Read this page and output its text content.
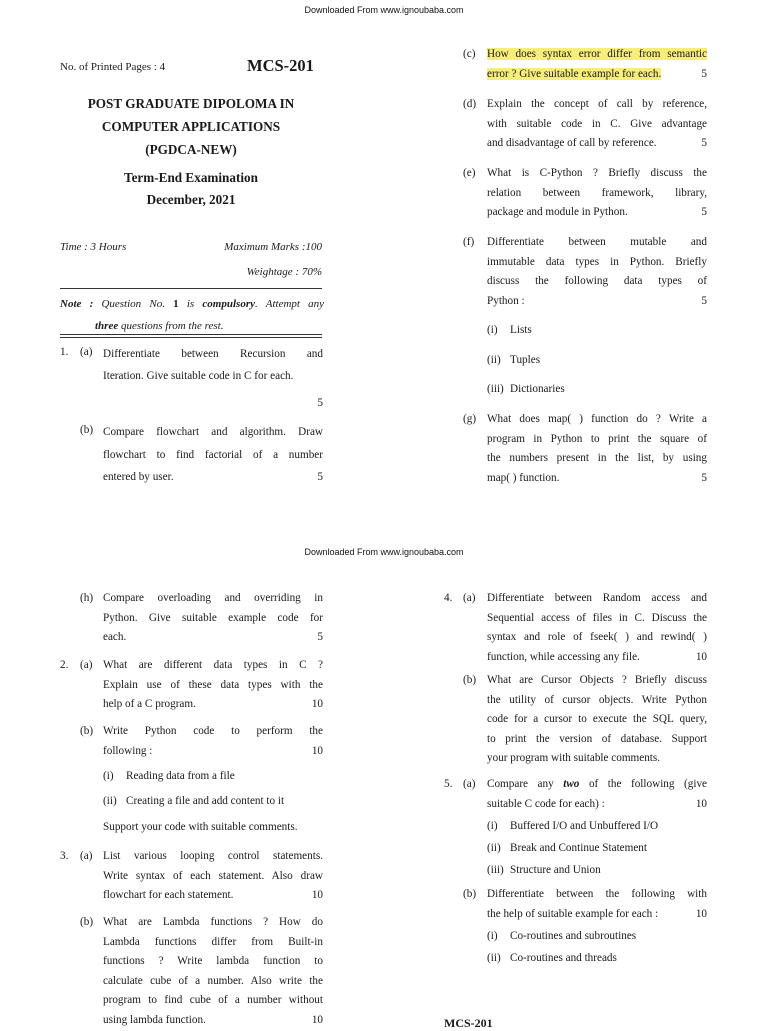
Downloaded From www.ignoubaba.com
No. of Printed Pages : 4	MCS-201
POST GRADUATE DIPOLOMA IN
COMPUTER APPLICATIONS
(PGDCA-NEW)
Term-End Examination
December, 2021
Time : 3 Hours	Maximum Marks :100
Weightage : 70%
Note : Question No. 1 is compulsory. Attempt any
three questions from the rest.
1. (a) Differentiate between Recursion and
Iteration. Give suitable code in C for each.
5
(b) Compare flowchart and algorithm. Draw
flowchart to find factorial of a number
entered by user.	5
(c) How does syntax error differ from semantic
error ? Give suitable example for each.	5
(d) Explain the concept of call by reference,
with suitable code in C. Give advantage
and disadvantage of call by reference.	5
(e) What is C-Python ? Briefly discuss the
relation between framework, library,
package and module in Python.	5
(f) Differentiate between mutable and
immutable data types in Python. Briefly
discuss the following data types of
Python :	5
(i) Lists
(ii) Tuples
(iii) Dictionaries
(g) What does map( ) function do ? Write a
program in Python to print the square of
the numbers present in the list, by using
map( ) function.	5
Downloaded From www.ignoubaba.com
(h) Compare overloading and overriding in
Python. Give suitable example code for
each.	5
2. (a) What are different data types in C ?
Explain use of these data types with the
help of a C program.	10
(b) Write Python code to perform the
following :	10
(i) Reading data from a file
(ii) Creating a file and add content to it
Support your code with suitable comments.
3. (a) List various looping control statements.
Write syntax of each statement. Also draw
flowchart for each statement.	10
(b) What are Lambda functions ? How do
Lambda functions differ from Built-in
functions ? Write lambda function to
calculate cube of a number. Also write the
program to find cube of a number without
using lambda function.	10
4. (a) Differentiate between Random access and
Sequential access of files in C. Discuss the
syntax and role of fseek( ) and rewind( )
function, while accessing any file.	10
(b) What are Cursor Objects ? Briefly discuss
the utility of cursor objects. Write Python
code for a cursor to execute the SQL query,
to print the version of database. Support
your program with suitable comments.
5. (a) Compare any two of the following (give
suitable C code for each) :	10
(i) Buffered I/O and Unbuffered I/O
(ii) Break and Continue Statement
(iii) Structure and Union
(b) Differentiate between the following with
the help of suitable example for each :	10
(i) Co-routines and subroutines
(ii) Co-routines and threads
MCS-201
